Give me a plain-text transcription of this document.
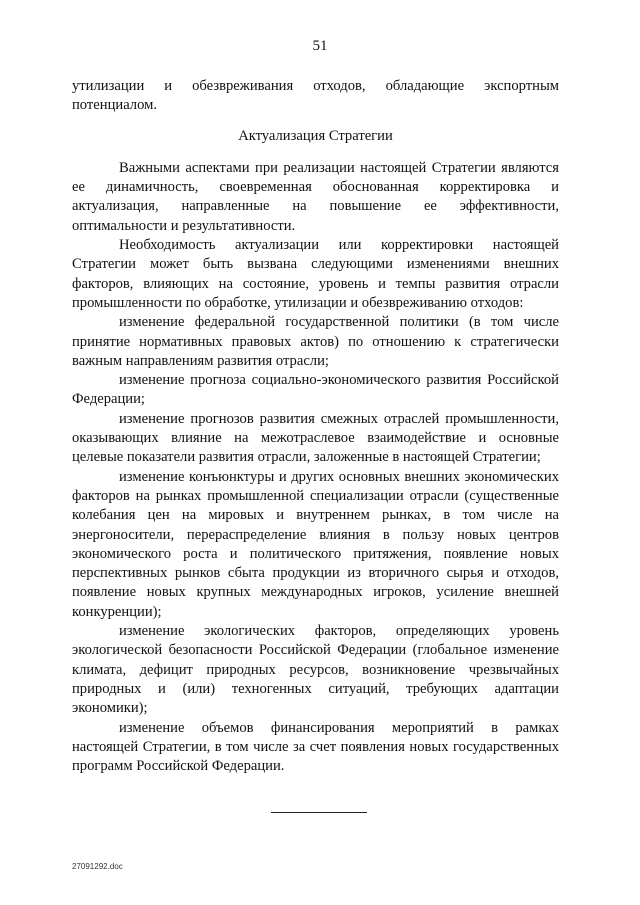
51

утилизации и обезвреживания отходов, обладающие экспортным потенциалом.

Актуализация Стратегии

Важными аспектами при реализации настоящей Стратегии являются ее динамичность, своевременная обоснованная корректировка и актуализация, направленные на повышение ее эффективности, оптимальности и результативности.

Необходимость актуализации или корректировки настоящей Стратегии может быть вызвана следующими изменениями внешних факторов, влияющих на состояние, уровень и темпы развития отрасли промышленности по обработке, утилизации и обезвреживанию отходов:

изменение федеральной государственной политики (в том числе принятие нормативных правовых актов) по отношению к стратегически важным направлениям развития отрасли;

изменение прогноза социально-экономического развития Российской Федерации;

изменение прогнозов развития смежных отраслей промышленности, оказывающих влияние на межотраслевое взаимодействие и основные целевые показатели развития отрасли, заложенные в настоящей Стратегии;

изменение конъюнктуры и других основных внешних экономических факторов на рынках промышленной специализации отрасли (существенные колебания цен на мировых и внутреннем рынках, в том числе на энергоносители, перераспределение влияния в пользу новых центров экономического роста и политического притяжения, появление новых перспективных рынков сбыта продукции из вторичного сырья и отходов, появление новых крупных международных игроков, усиление внешней конкуренции);

изменение экологических факторов, определяющих уровень экологической безопасности Российской Федерации (глобальное изменение климата, дефицит природных ресурсов, возникновение чрезвычайных природных и (или) техногенных ситуаций, требующих адаптации экономики);

изменение объемов финансирования мероприятий в рамках настоящей Стратегии, в том числе за счет появления новых государственных программ Российской Федерации.

27091292.doc
